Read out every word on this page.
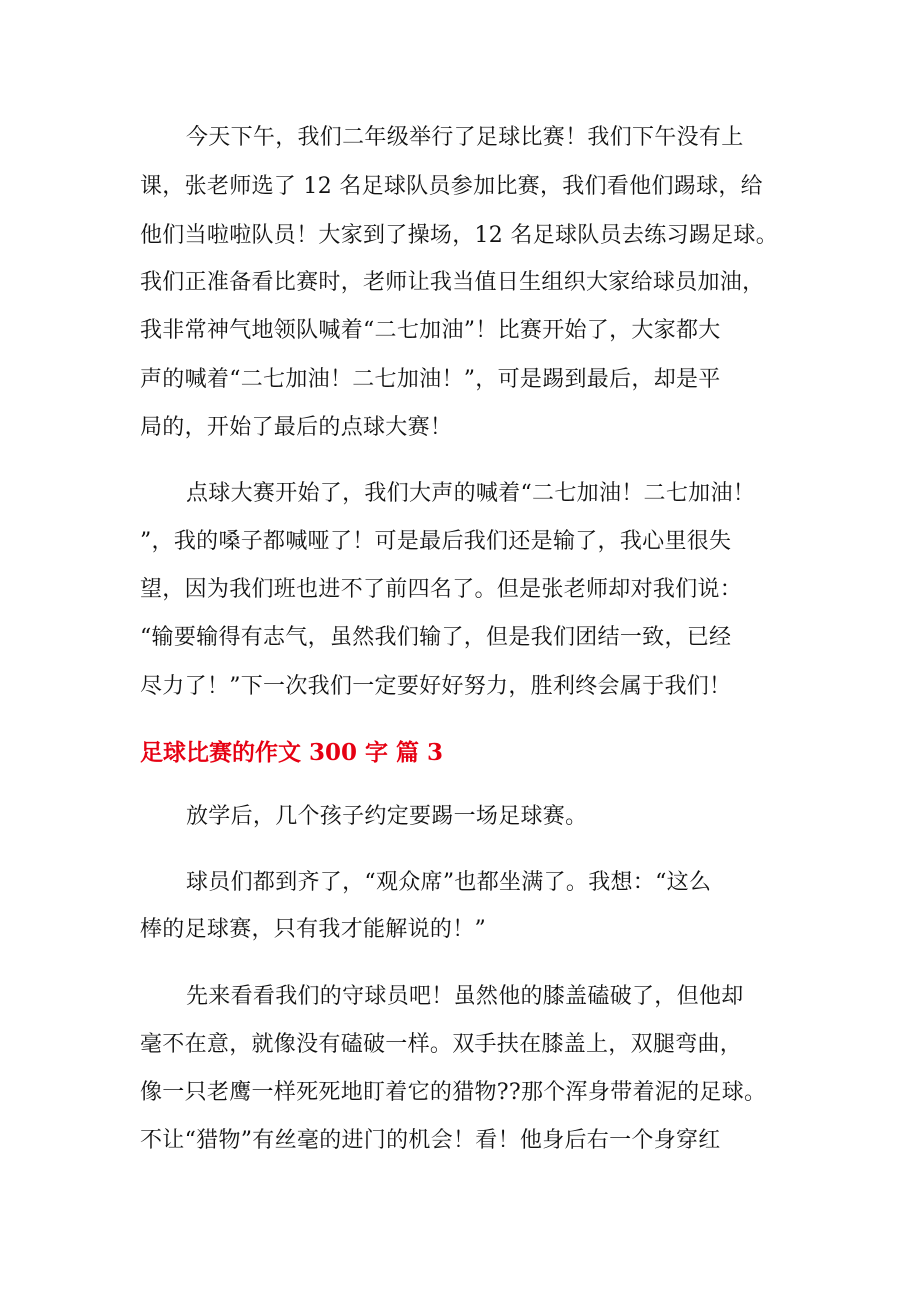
今天下午，我们二年级举行了足球比赛！我们下午没有上
课，张老师选了 12 名足球队员参加比赛，我们看他们踢球，给
他们当啦啦队员！大家到了操场，12 名足球队员去练习踢足球。
我们正准备看比赛时，老师让我当值日生组织大家给球员加油，
我非常神气地领队喊着“二七加油”！比赛开始了，大家都大
声的喊着“二七加油！二七加油！”，可是踢到最后，却是平
局的，开始了最后的点球大赛！
点球大赛开始了，我们大声的喊着“二七加油！二七加油！
”，我的嗓子都喊哑了！可是最后我们还是输了，我心里很失
望，因为我们班也进不了前四名了。但是张老师却对我们说：
“输要输得有志气，虽然我们输了，但是我们团结一致，已经
尽力了！”下一次我们一定要好好努力，胜利终会属于我们！
足球比赛的作文 300 字 篇 3
放学后，几个孩子约定要踢一场足球赛。
球员们都到齐了，“观众席”也都坐满了。我想：“这么
棒的足球赛，只有我才能解说的！”
先来看看我们的守球员吧！虽然他的膝盖磕破了，但他却
毫不在意，就像没有磕破一样。双手扶在膝盖上，双腿弯曲，
像一只老鹰一样死死地盯着它的猎物??那个浑身带着泥的足球。
不让“猎物”有丝毫的进门的机会！看！他身后右一个身穿红
